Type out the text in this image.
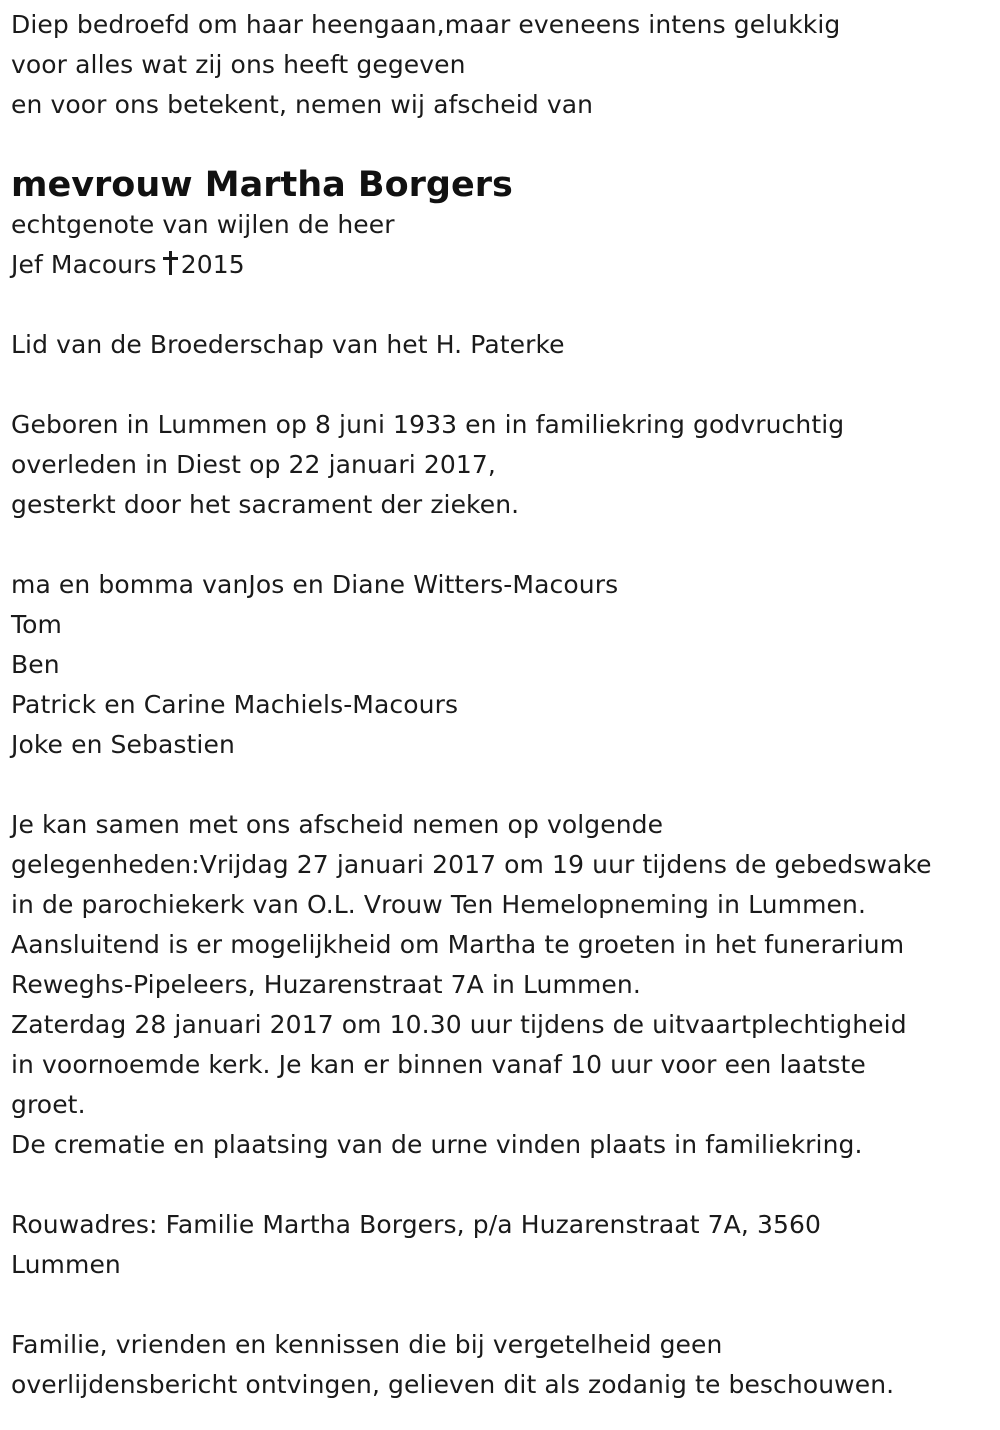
Diep bedroefd om haar heengaan,maar eveneens intens gelukkig
voor alles wat zij ons heeft gegeven
en voor ons betekent, nemen wij afscheid van
mevrouw Martha Borgers
echtgenote van wijlen de heer
Jef Macours 2015
Lid van de Broederschap van het H. Paterke
Geboren in Lummen op 8 juni 1933 en in familiekring godvruchtig
overleden in Diest op 22 januari 2017,
gesterkt door het sacrament der zieken.
ma en bomma vanJos en Diane Witters-Macours
Tom
Ben
Patrick en Carine Machiels-Macours
Joke en Sebastien
Je kan samen met ons afscheid nemen op volgende
gelegenheden:Vrijdag 27 januari 2017 om 19 uur tijdens de gebedswake
in de parochiekerk van O.L. Vrouw Ten Hemelopneming in Lummen.
Aansluitend is er mogelijkheid om Martha te groeten in het funerarium
Reweghs-Pipeleers, Huzarenstraat 7A in Lummen.
Zaterdag 28 januari 2017 om 10.30 uur tijdens de uitvaartplechtigheid
in voornoemde kerk. Je kan er binnen vanaf 10 uur voor een laatste
groet.
De crematie en plaatsing van de urne vinden plaats in familiekring.
Rouwadres: Familie Martha Borgers, p/a Huzarenstraat 7A, 3560
Lummen
Familie, vrienden en kennissen die bij vergetelheid geen
overlijdensbericht ontvingen, gelieven dit als zodanig te beschouwen.
